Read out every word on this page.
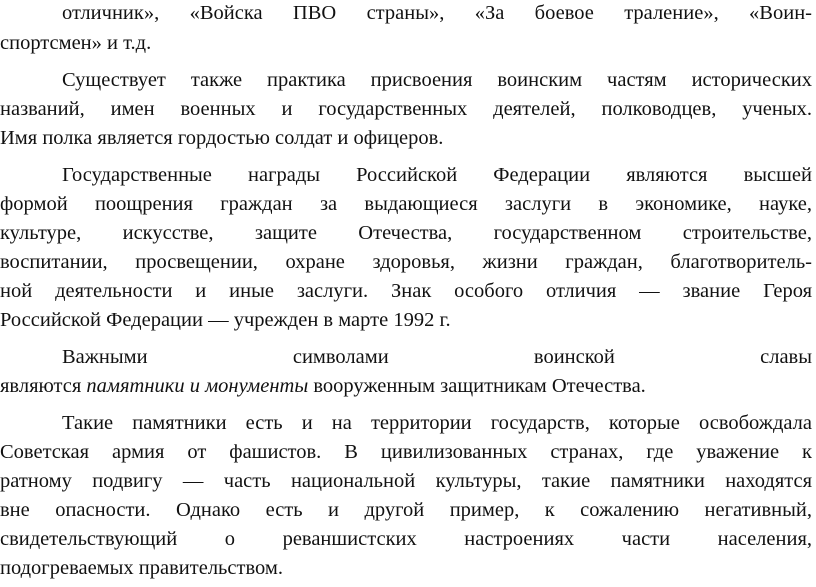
отличник», «Войска ПВО страны», «За боевое траление», «Воин-
спортсмен» и т.д.
Существует также практика присвоения воинским частям исторических
названий, имен военных и государственных деятелей, полководцев, ученых.
Имя полка является гордостью солдат и офицеров.
Государственные награды Российской Федерации являются высшей
формой поощрения граждан за выдающиеся заслуги в экономике, науке,
культуре, искусстве, защите Отечества, государственном строительстве,
воспитании, просвещении, охране здоровья, жизни граждан, благотворитель-
ной деятельности и иные заслуги. Знак особого отличия — звание Героя
Российской Федерации — учрежден в марте 1992 г.
Важными символами воинской славы
являются памятники и монументы вооруженным защитникам Отечества.
Такие памятники есть и на территории государств, которые освобождала
Советская армия от фашистов. В цивилизованных странах, где уважение к
ратному подвигу — часть национальной культуры, такие памятники находятся
вне опасности. Однако есть и другой пример, к сожалению негативный,
свидетельствующий о реваншистских настроениях части населения,
подогреваемых правительством.
